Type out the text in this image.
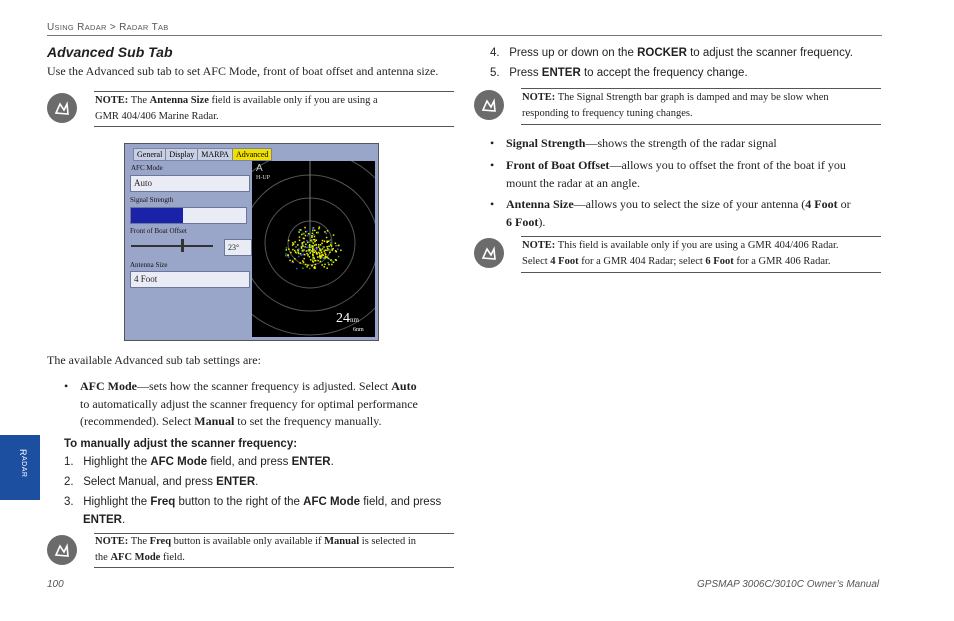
USING RADAR > RADAR TAB
Advanced Sub Tab
Use the Advanced sub tab to set AFC Mode, front of boat offset and antenna size.
NOTE: The Antenna Size field is available only if you are using a
GMR 404/406 Marine Radar.
General Display MARPA Advanced
AFC Mode
Auto
Signal Strength
Front of Boat Offset
23°
Antenna Size
4 Foot
A
H-UP
24nm
6nm
The available Advanced sub tab settings are:
• AFC Mode—sets how the scanner frequency is adjusted. Select Auto
to automatically adjust the scanner frequency for optimal performance
(recommended). Select Manual to set the frequency manually.
To manually adjust the scanner frequency:
1. Highlight the AFC Mode field, and press ENTER.
2. Select Manual, and press ENTER.
3. Highlight the Freq button to the right of the AFC Mode field, and press
ENTER.
NOTE: The Freq button is available only available if Manual is selected in
the AFC Mode field.
4. Press up or down on the ROCKER to adjust the scanner frequency.
5. Press ENTER to accept the frequency change.
NOTE: The Signal Strength bar graph is damped and may be slow when
responding to frequency tuning changes.
• Signal Strength—shows the strength of the radar signal
• Front of Boat Offset—allows you to offset the front of the boat if you
mount the radar at an angle.
• Antenna Size—allows you to select the size of your antenna (4 Foot or
6 Foot).
NOTE: This field is available only if you are using a GMR 404/406 Radar.
Select 4 Foot for a GMR 404 Radar; select 6 Foot for a GMR 406 Radar.
RADAR
100	GPSMAP 3006C/3010C Owner’s Manual
